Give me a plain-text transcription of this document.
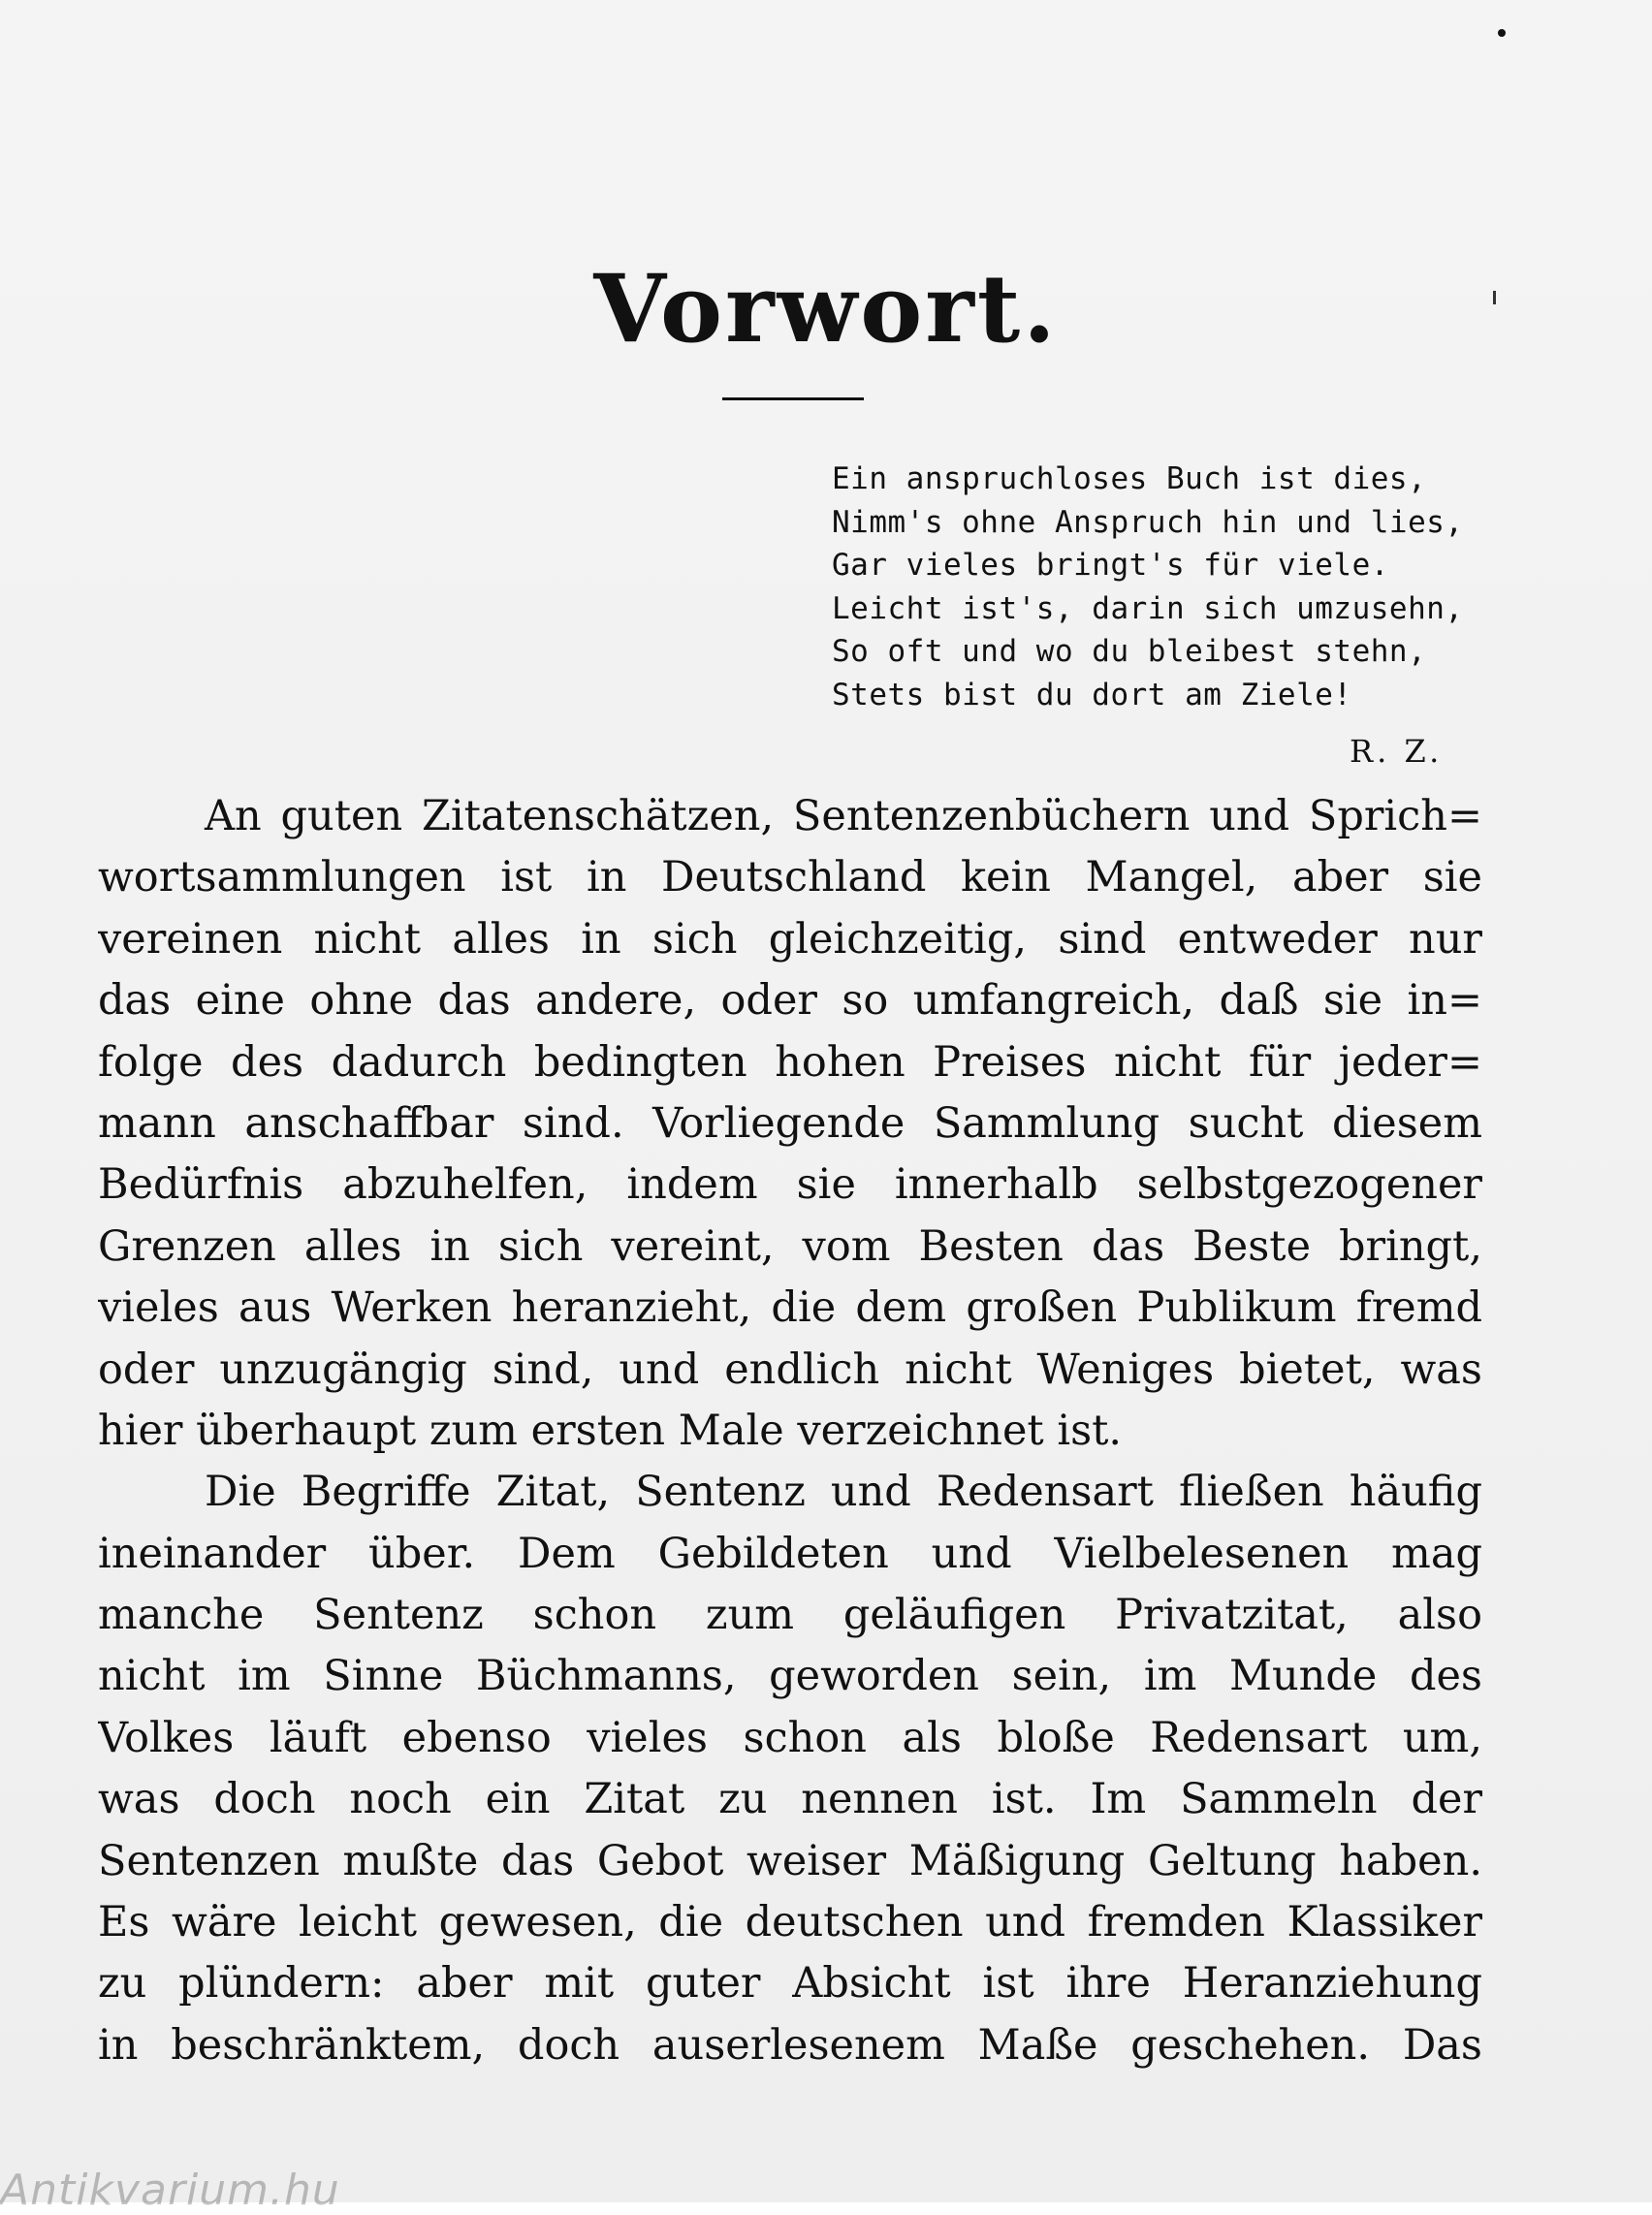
Vorwort.
Ein anspruchloses Buch ist dies,
Nimm's ohne Anspruch hin und lies,
Gar vieles bringt's für viele.
Leicht ist's, darin sich umzusehn,
So oft und wo du bleibest stehn,
Stets bist du dort am Ziele!
R. Z.
An guten Zitatenschätzen, Sentenzenbüchern und Sprich=
wortsammlungen ist in Deutschland kein Mangel, aber sie
vereinen nicht alles in sich gleichzeitig, sind entweder nur
das eine ohne das andere, oder so umfangreich, daß sie in=
folge des dadurch bedingten hohen Preises nicht für jeder=
mann anschaffbar sind. Vorliegende Sammlung sucht diesem
Bedürfnis abzuhelfen, indem sie innerhalb selbstgezogener
Grenzen alles in sich vereint, vom Besten das Beste bringt,
vieles aus Werken heranzieht, die dem großen Publikum fremd
oder unzugängig sind, und endlich nicht Weniges bietet, was
hier überhaupt zum ersten Male verzeichnet ist.
Die Begriffe Zitat, Sentenz und Redensart fließen häufig
ineinander über. Dem Gebildeten und Vielbelesenen mag
manche Sentenz schon zum geläufigen Privatzitat, also
nicht im Sinne Büchmanns, geworden sein, im Munde des
Volkes läuft ebenso vieles schon als bloße Redensart um,
was doch noch ein Zitat zu nennen ist. Im Sammeln der
Sentenzen mußte das Gebot weiser Mäßigung Geltung haben.
Es wäre leicht gewesen, die deutschen und fremden Klassiker
zu plündern: aber mit guter Absicht ist ihre Heranziehung
in beschränktem, doch auserlesenem Maße geschehen. Das
Antikvarium.hu
